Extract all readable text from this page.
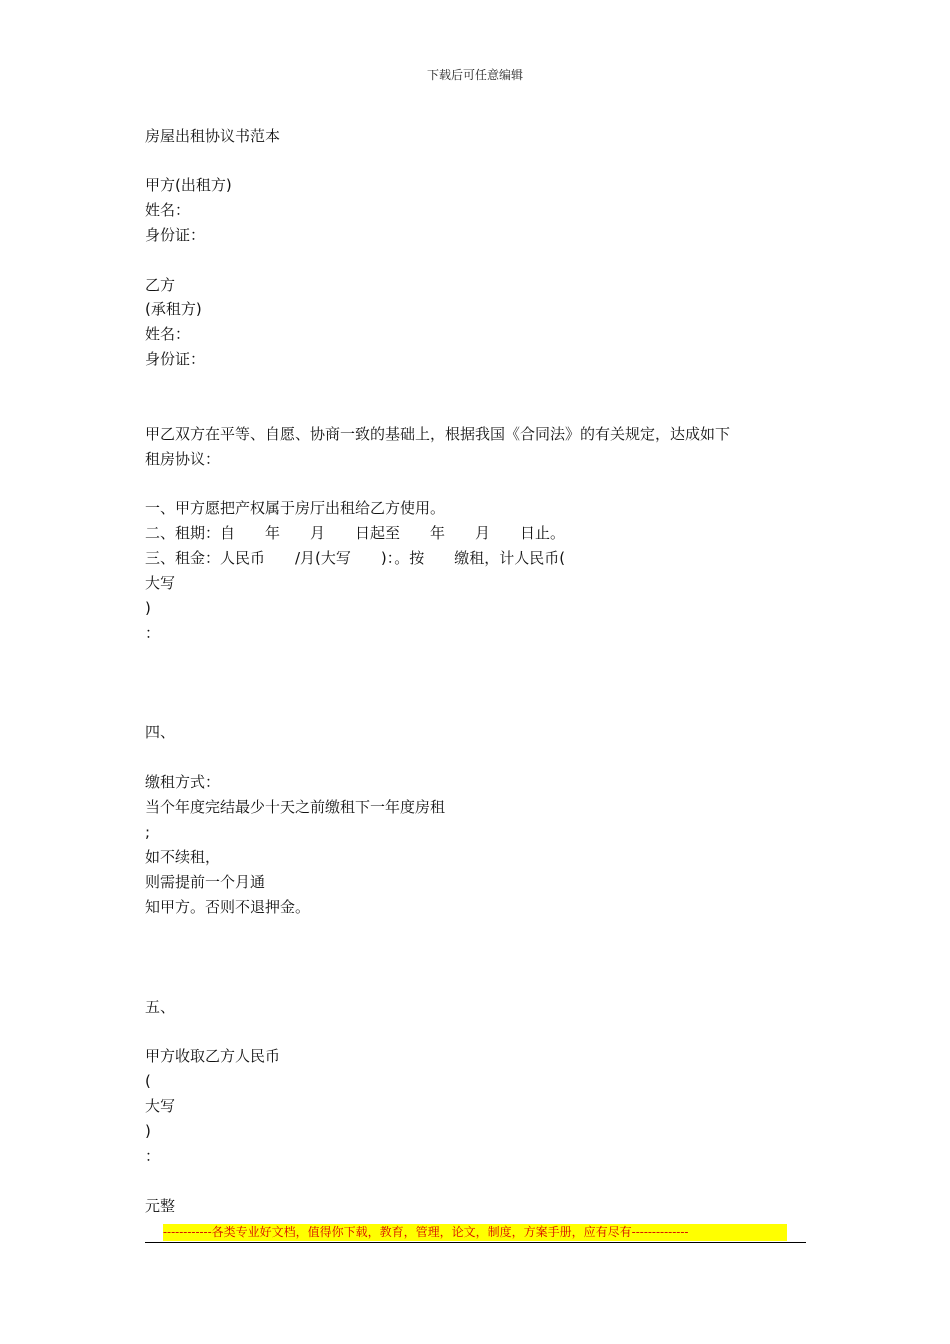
下载后可任意编辑
房屋出租协议书范本
甲方(出租方)
姓名：
身份证：
乙方
(承租方)
姓名：
身份证：
甲乙双方在平等、自愿、协商一致的基础上，根据我国《合同法》的有关规定，达成如下
租房协议：
一、甲方愿把产权属于房厅出租给乙方使用。
二、租期：自　　年　　月　　日起至　　年　　月　　日止。
三、租金：人民币　　/月(大写　　)：。按　　缴租，计人民币(
大写
)
：
四、
缴租方式：
当个年度完结最少十天之前缴租下一年度房租
;
如不续租，
则需提前一个月通
知甲方。否则不退押金。
五、
甲方收取乙方人民币
(
大写
)
：
元整
------------各类专业好文档，值得你下载，教育，管理，论文，制度，方案手册，应有尽有--------------
